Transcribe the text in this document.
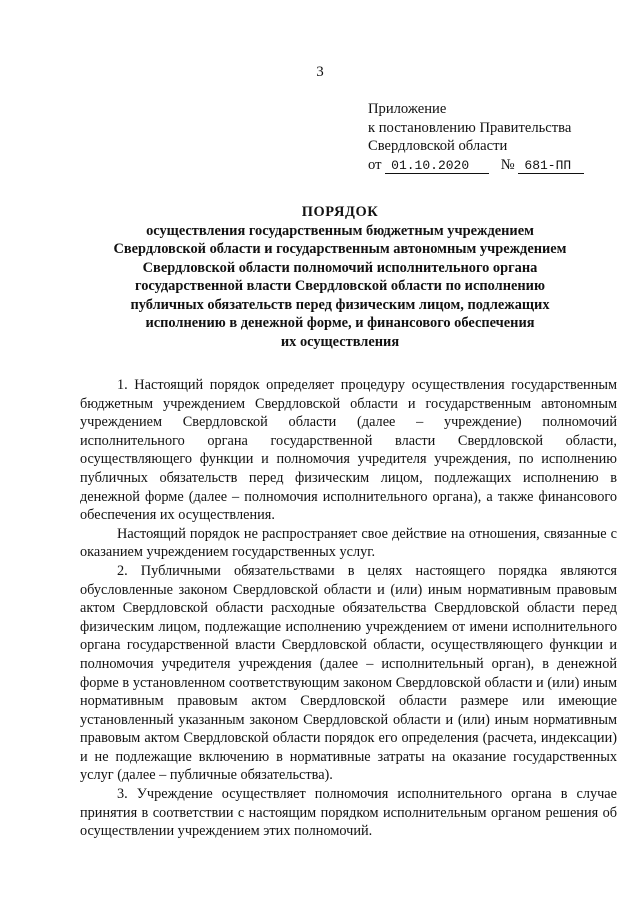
3
Приложение
к постановлению Правительства
Свердловской области
от 01.10.2020 № 681-ПП
ПОРЯДОК
осуществления государственным бюджетным учреждением
Свердловской области и государственным автономным учреждением
Свердловской области полномочий исполнительного органа
государственной власти Свердловской области по исполнению
публичных обязательств перед физическим лицом, подлежащих
исполнению в денежной форме, и финансового обеспечения
их осуществления

1. Настоящий порядок определяет процедуру осуществления государственным бюджетным учреждением Свердловской области и государственным автономным учреждением Свердловской области (далее – учреждение) полномочий исполнительного органа государственной власти Свердловской области, осуществляющего функции и полномочия учредителя учреждения, по исполнению публичных обязательств перед физическим лицом, подлежащих исполнению в денежной форме (далее – полномочия исполнительного органа), а также финансового обеспечения их осуществления.

Настоящий порядок не распространяет свое действие на отношения, связанные с оказанием учреждением государственных услуг.

2. Публичными обязательствами в целях настоящего порядка являются обусловленные законом Свердловской области и (или) иным нормативным правовым актом Свердловской области расходные обязательства Свердловской области перед физическим лицом, подлежащие исполнению учреждением от имени исполнительного органа государственной власти Свердловской области, осуществляющего функции и полномочия учредителя учреждения (далее – исполнительный орган), в денежной форме в установленном соответствующим законом Свердловской области и (или) иным нормативным правовым актом Свердловской области размере или имеющие установленный указанным законом Свердловской области и (или) иным нормативным правовым актом Свердловской области порядок его определения (расчета, индексации) и не подлежащие включению в нормативные затраты на оказание государственных услуг (далее – публичные обязательства).

3. Учреждение осуществляет полномочия исполнительного органа в случае принятия в соответствии с настоящим порядком исполнительным органом решения об осуществлении учреждением этих полномочий.
